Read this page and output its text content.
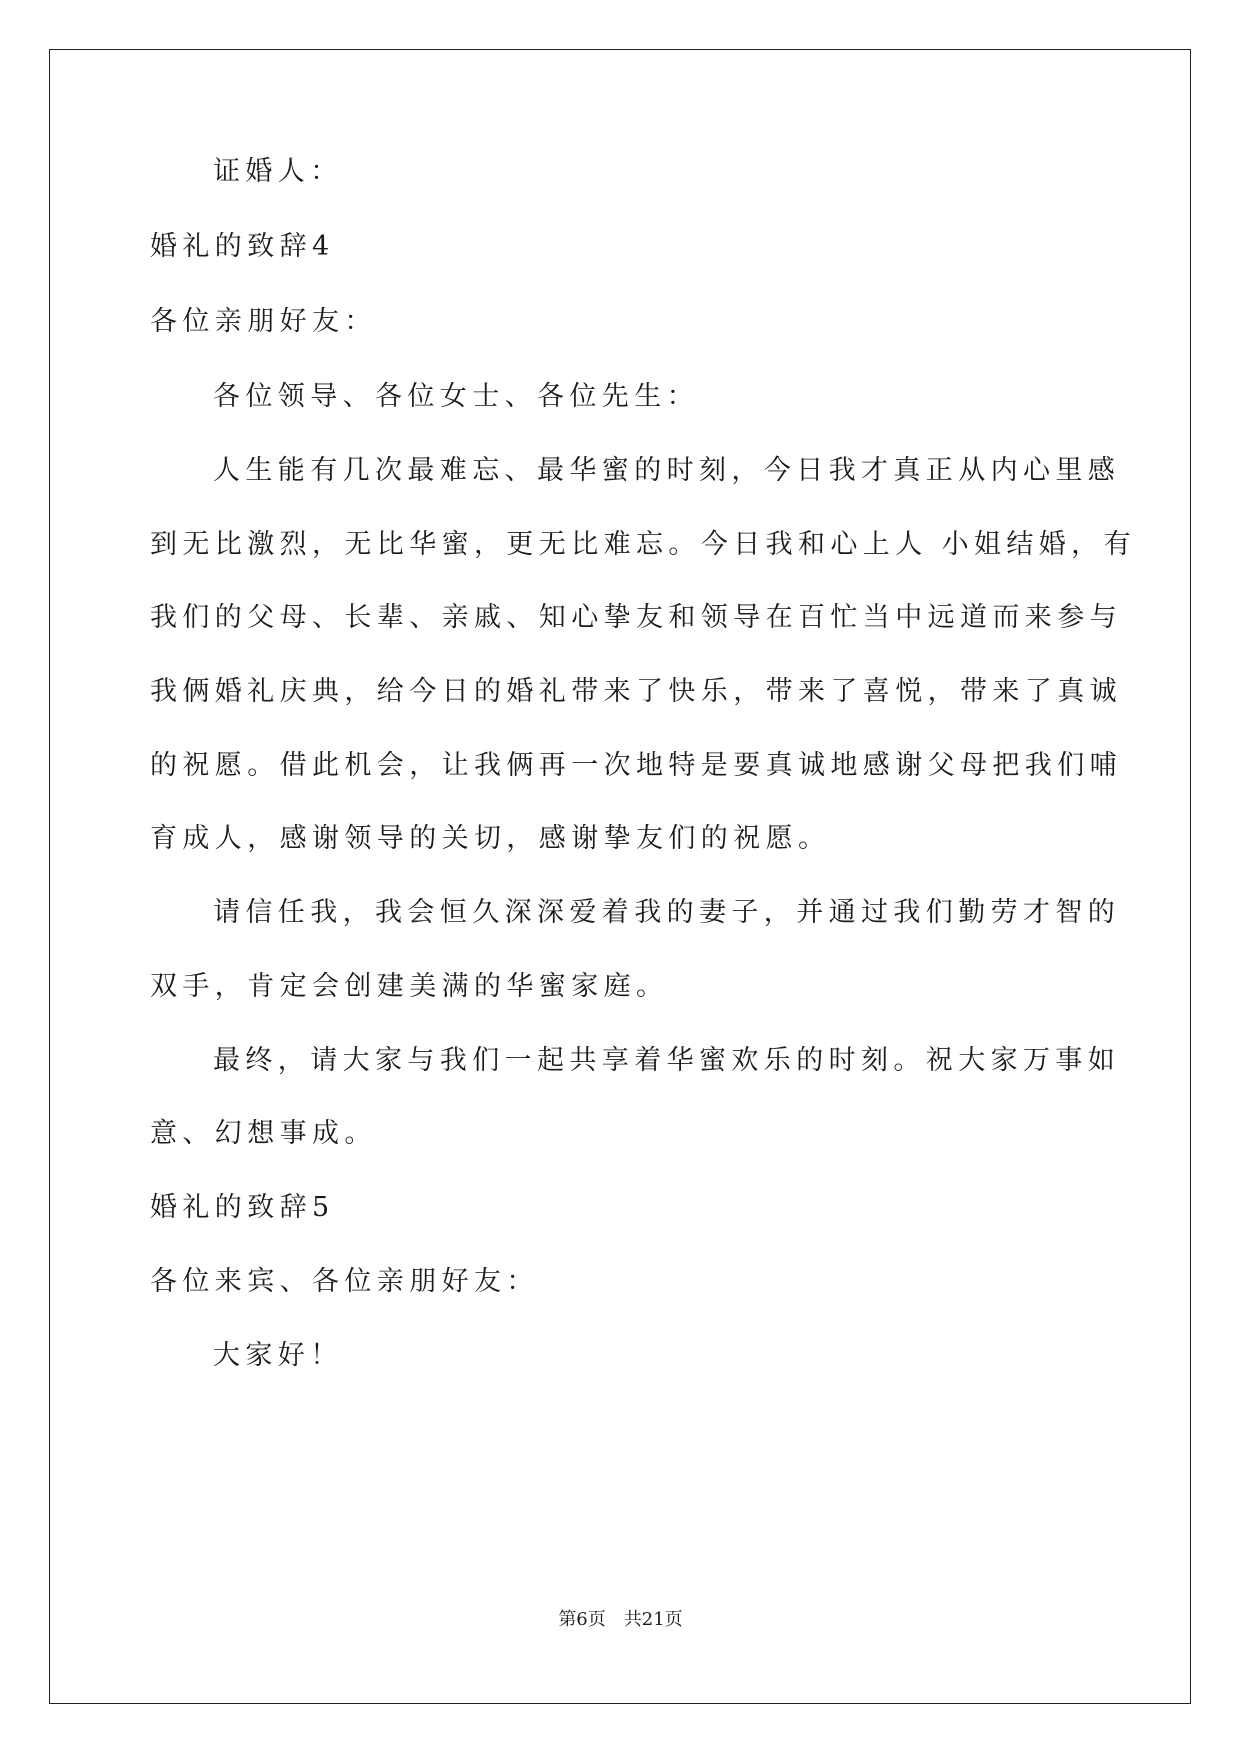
证婚人：
婚礼的致辞4
各位亲朋好友：
各位领导、各位女士、各位先生：
人生能有几次最难忘、最华蜜的时刻，今日我才真正从内心里感
到无比激烈，无比华蜜，更无比难忘。今日我和心上人 小姐结婚，有
我们的父母、长辈、亲戚、知心挚友和领导在百忙当中远道而来参与
我俩婚礼庆典，给今日的婚礼带来了快乐，带来了喜悦，带来了真诚
的祝愿。借此机会，让我俩再一次地特是要真诚地感谢父母把我们哺
育成人，感谢领导的关切，感谢挚友们的祝愿。
请信任我，我会恒久深深爱着我的妻子，并通过我们勤劳才智的
双手，肯定会创建美满的华蜜家庭。
最终，请大家与我们一起共享着华蜜欢乐的时刻。祝大家万事如
意、幻想事成。
婚礼的致辞5
各位来宾、各位亲朋好友：
大家好！
第6页 共21页
